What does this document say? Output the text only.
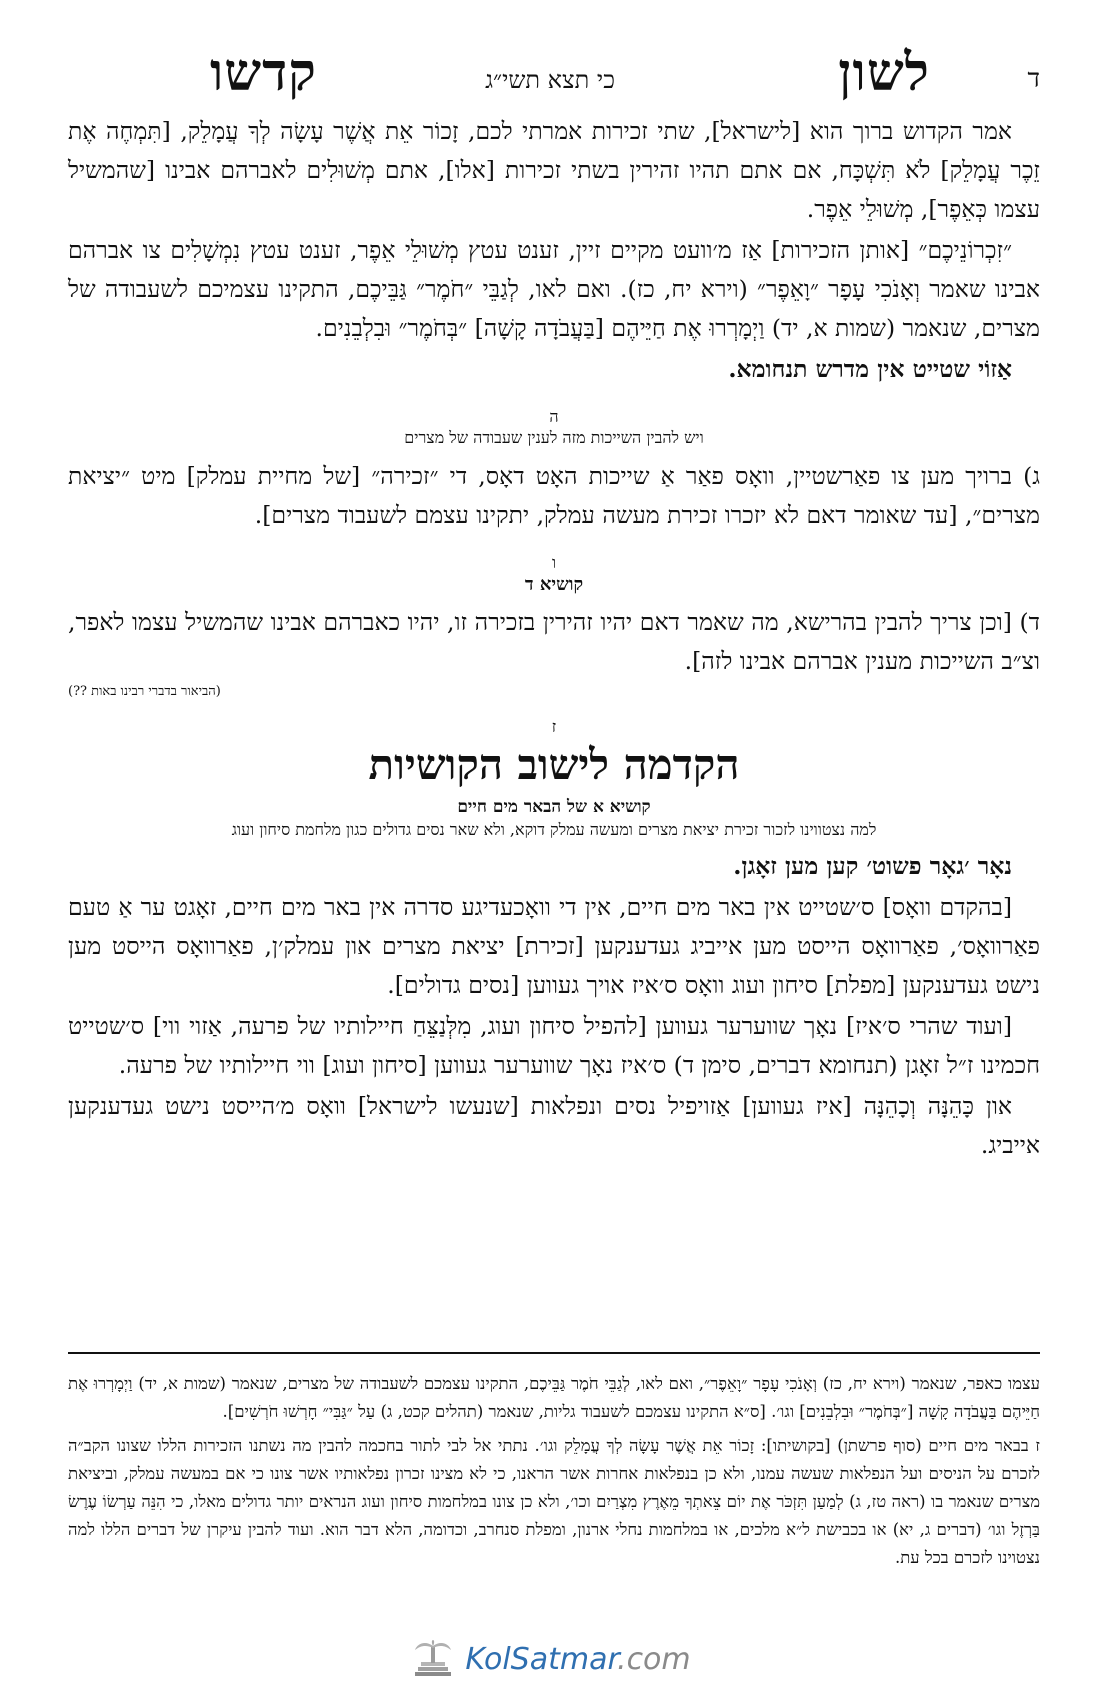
ד
לשון
כי תצא תשי״ג
קדשו

אמר הקדוש ברוך הוא [לישראל], שתי זכירות אמרתי לכם, זָכוֹר אֵת אֲשֶׁר עָשָׂה לְךָ עֲמָלֵק, [תִּמְחֶה אֶת זֵכֶר עֲמָלֵק] לֹא תִּשְׁכָּח, אם אתם תהיו זהירין בשתי זכירות [אלו], אתם מְשׁוּלִים לאברהם אבינו [שהמשיל עצמו כְּאֵפֶר], מְשׁוּלֵי אֵפֶר.

״זִכְרוֹנֵיכֶם״ [אותן הזכירות] אַז מ׳וועט מקיים זיין, זענט עטץ מְשׁוּלֵי אֵפֶר, זענט עטץ נִמְשָׁלִים צו אברהם אבינו שאמר וְאָנֹכִי עָפָר ״וָאֵפֶר״ (וירא יח, כז). ואם לאו, לְגַבֵּי ״חֹמֶר״ גַּבֵּיכֶם, התקינו עצמיכם לשעבודה של מצרים, שנאמר (שמות א, יד) וַיְמָרְרוּ אֶת חַיֵּיהֶם [בַּעֲבֹדָה קָשָׁה] ״בְּחֹמֶר״ וּבִלְבֵנִים.

אַזוֹי שטייט אין מדרש תנחומא.

ה
ויש להבין השייכות מזה לענין שעבודה של מצרים

ג) ברויך מען צו פאַרשטיין, וואָס פאַר אַ שייכות האָט דאָס, די ״זכירה״ [של מחיית עמלק] מיט ״יציאת מצרים״, [עד שאומר דאם לא יזכרו זכירת מעשה עמלק, יתקינו עצמם לשעבוד מצרים].

ו
קושיא ד

ד) [וכן צריך להבין בהרישא, מה שאמר דאם יהיו זהירין בזכירה זו, יהיו כאברהם אבינו שהמשיל עצמו לאפר, וצ״ב השייכות מענין אברהם אבינו לזה].

(הביאור בדברי רבינו באות ??)
ז
הקדמה לישוב הקושיות
קושיא א של הבאר מים חיים
למה נצטווינו לזכור זכירת יציאת מצרים ומעשה עמלק דוקא, ולא שאר נסים גדולים כגון מלחמת סיחון ועוג

נאָר ׳גאָר פשוט׳ קען מען זאָגן.

[בהקדם וואָס] ס׳שטייט אין באר מים חיים, אין די וואָכעדיגע סדרה אין באר מים חיים, זאָגט ער אַ טעם פאַרוואָס׳, פאַרוואָס הייסט מען אייביג געדענקען [זכירת] יציאת מצרים און עמלק׳ן, פאַרוואָס הייסט מען נישט געדענקען [מפלת] סיחון ועוג וואָס ס׳איז אויך געווען [נסים גדולים].

[ועוד שהרי ס׳איז] נאָך שווערער געווען [להפיל סיחון ועוג, מִלְּנַצֵּחַ חיילותיו של פרעה, אַזוי ווי] ס׳שטייט חכמינו ז״ל זאָגן (תנחומא דברים, סימן ד) ס׳איז נאָך שווערער געווען [סיחון ועוג] ווי חיילותיו של פרעה.

און כָּהֵנָּה וְכָהֵנָּה [איז געווען] אַזויפיל נסים ונפלאות [שנעשו לישראל] וואָס מ׳הייסט נישט געדענקען אייביג.

עצמו כאפר, שנאמר (וירא יח, כז) וְאָנֹכִי עָפָר ״וָאֵפֶר״, ואם לאו, לְגַבֵּי חֹמֶר גַּבֵּיכֶם, התקינו עצמכם לשעבודה של מצרים, שנאמר (שמות א, יד) וַיְמָרְרוּ אֶת חַיֵּיהֶם בַּעֲבֹדָה קָשָׁה [״בְּחֹמֶר״ וּבִלְבֵנִים] וגו׳. [ס״א התקינו עצמכם לשעבוד גליות, שנאמר (תהלים קכט, ג) עַל ״גַּבִּי״ חָרְשׁוּ חֹרְשִׁים].

ז בבאר מים חיים (סוף פרשתן) [בקושיתו]: זָכוֹר אֵת אֲשֶׁר עָשָׂה לְךָ עֲמָלֵק וגו׳. נתתי אל לבי לתור בחכמה להבין מה נשתנו הזכירות הללו שצונו הקב״ה לזכרם על הניסים ועל הנפלאות שעשה עמנו, ולא כן בנפלאות אחרות אשר הראנו, כי לא מצינו זכרון נפלאותיו אשר צונו כי אם במעשה עמלק, וביציאת מצרים שנאמר בו (ראה טז, ג) לְמַעַן תִּזְכֹּר אֶת יוֹם צֵאתְךָ מֵאֶרֶץ מִצְרַיִם וכו׳, ולא כן צונו במלחמות סיחון ועוג הנראים יותר גדולים מאלו, כי הִנֵּה עַרְשׂוֹ עֶרֶשׂ בַּרְזֶל וגו׳ (דברים ג, יא) או בכבישת ל״א מלכים, או במלחמות נחלי ארנון, ומפלת סנחרב, וכדומה, הלא דבר הוא. ועוד להבין עיקרן של דברים הללו למה נצטוינו לזכרם בכל עת.

KolSatmar.com
